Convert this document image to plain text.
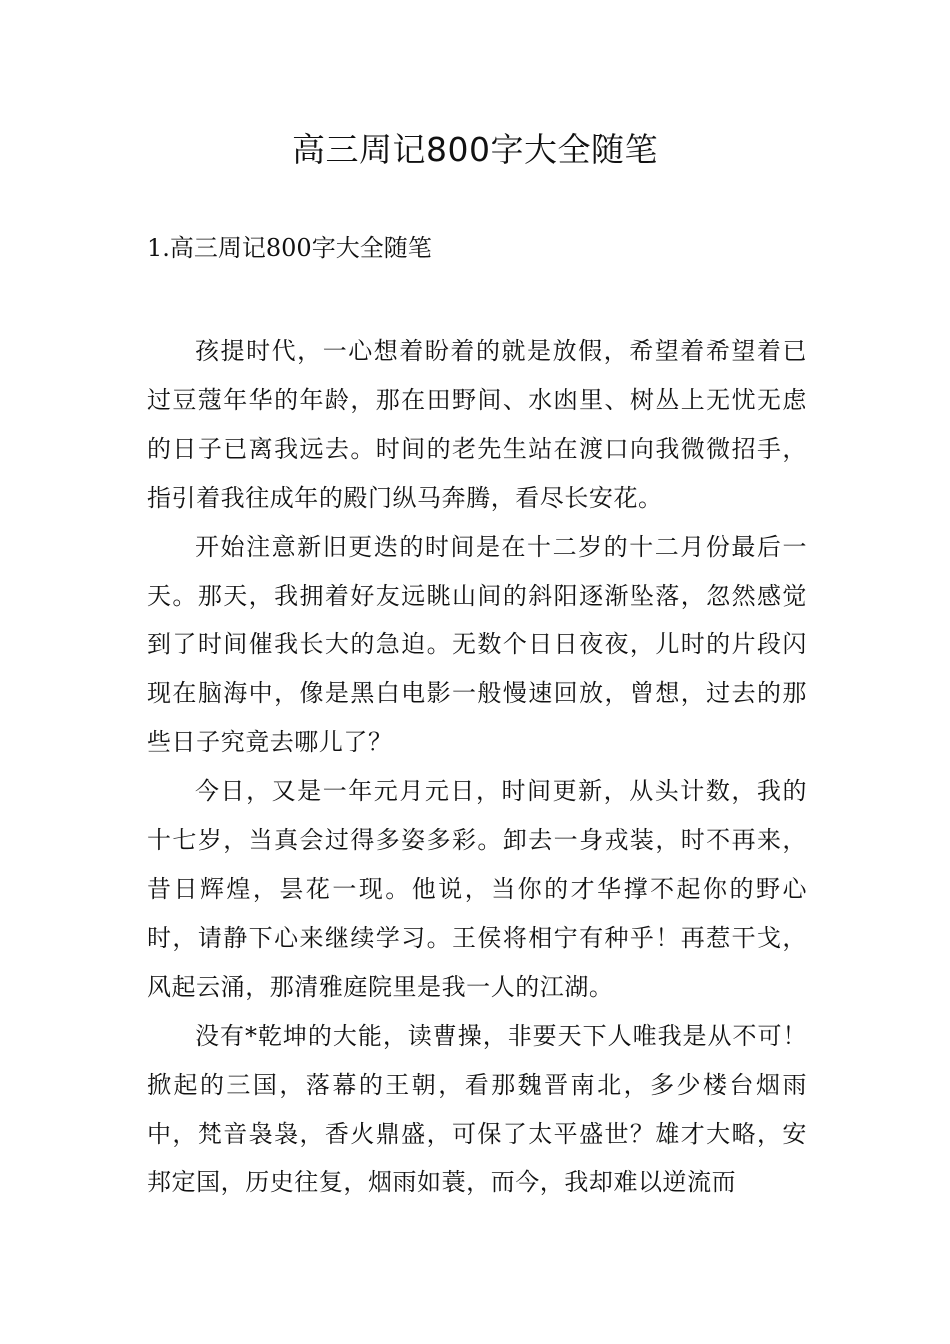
高三周记800字大全随笔
1.高三周记800字大全随笔

孩提时代，一心想着盼着的就是放假，希望着希望着已过豆蔻年华的年龄，那在田野间、水凼里、树丛上无忧无虑的日子已离我远去。时间的老先生站在渡口向我微微招手，指引着我往成年的殿门纵马奔腾，看尽长安花。

开始注意新旧更迭的时间是在十二岁的十二月份最后一天。那天，我拥着好友远眺山间的斜阳逐渐坠落，忽然感觉到了时间催我长大的急迫。无数个日日夜夜，儿时的片段闪现在脑海中，像是黑白电影一般慢速回放，曾想，过去的那些日子究竟去哪儿了？

今日，又是一年元月元日，时间更新，从头计数，我的十七岁，当真会过得多姿多彩。卸去一身戎装，时不再来，昔日辉煌，昙花一现。他说，当你的才华撑不起你的野心时，请静下心来继续学习。王侯将相宁有种乎！再惹干戈，风起云涌，那清雅庭院里是我一人的江湖。

没有*乾坤的大能，读曹操，非要天下人唯我是从不可！掀起的三国，落幕的王朝，看那魏晋南北，多少楼台烟雨中，梵音袅袅，香火鼎盛，可保了太平盛世？雄才大略，安邦定国，历史往复，烟雨如蓑，而今，我却难以逆流而
